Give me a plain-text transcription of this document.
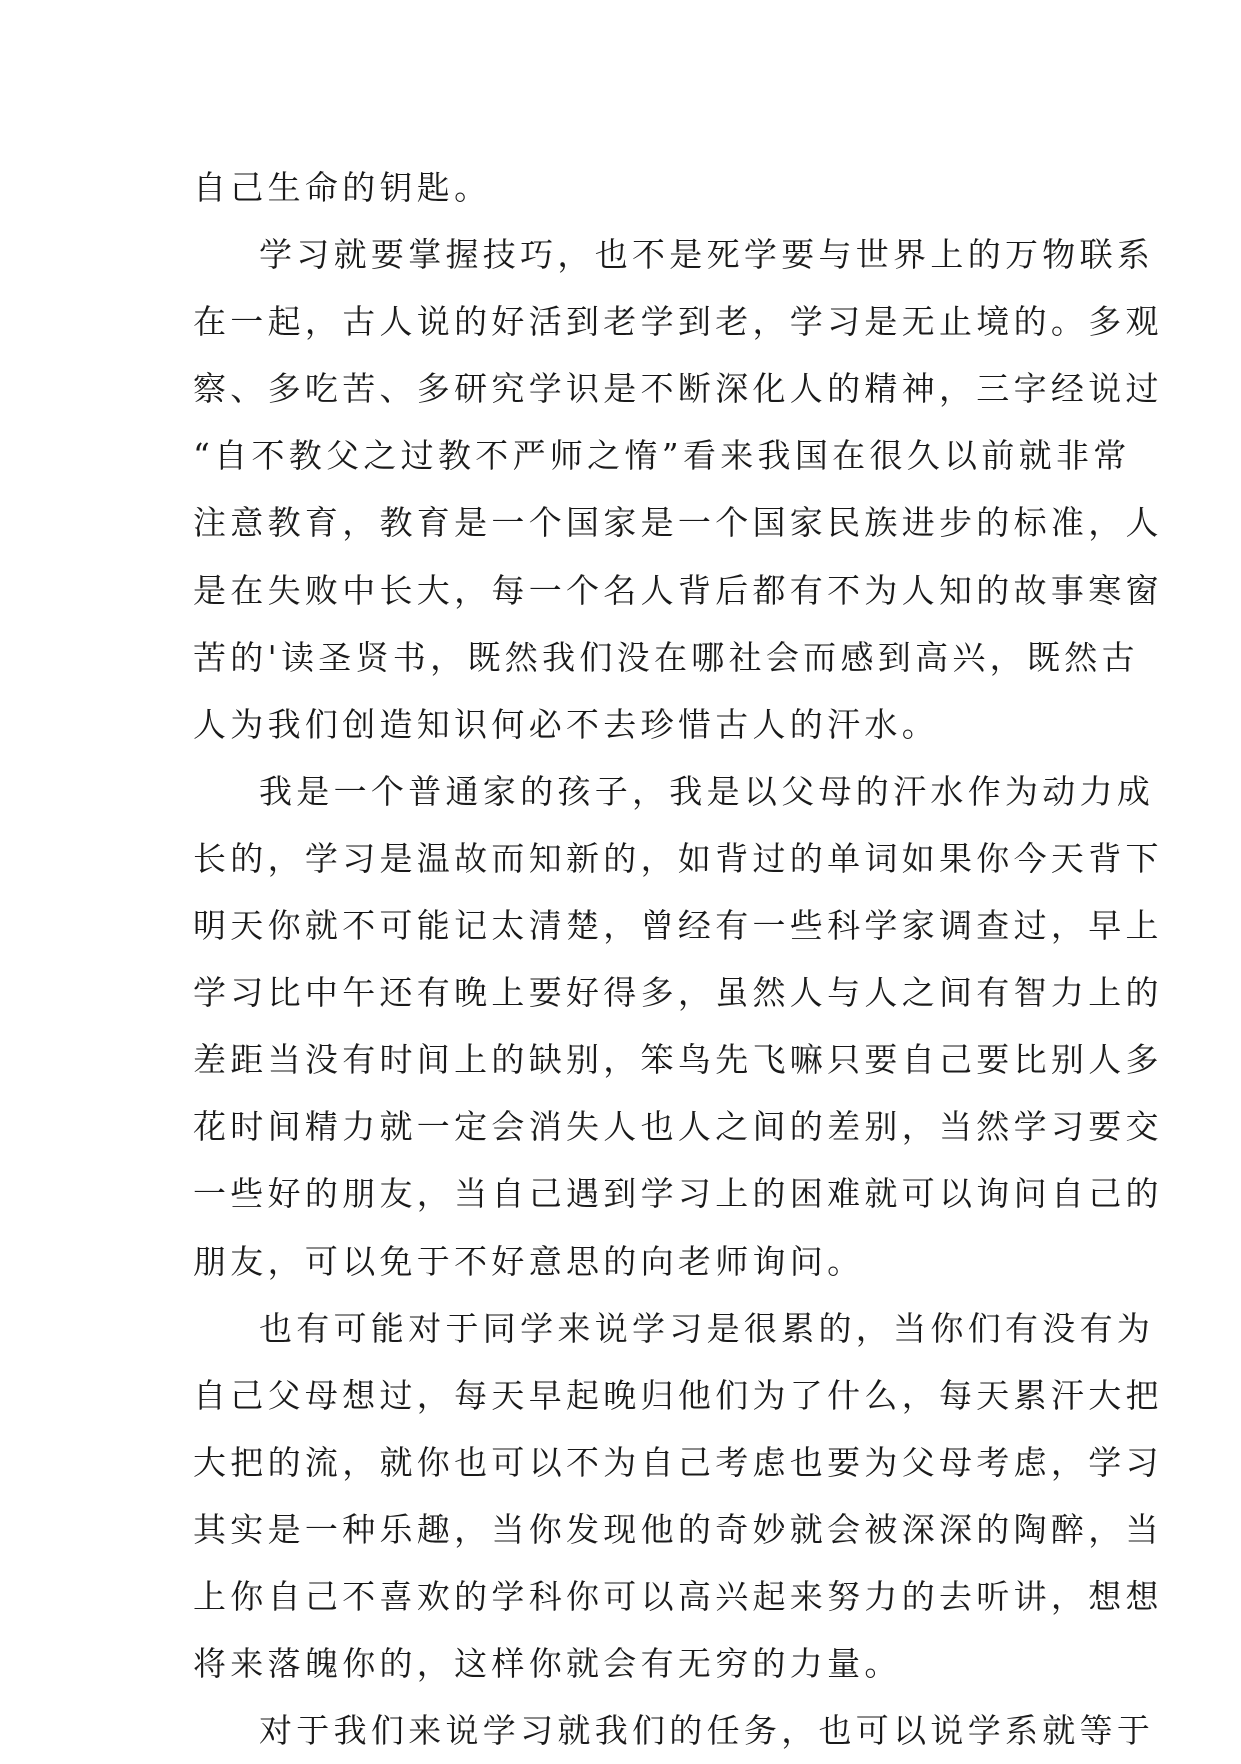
自己生命的钥匙。
学习就要掌握技巧，也不是死学要与世界上的万物联系
在一起，古人说的好活到老学到老，学习是无止境的。多观
察、多吃苦、多研究学识是不断深化人的精神，三字经说过
“自不教父之过教不严师之惰”看来我国在很久以前就非常
注意教育，教育是一个国家是一个国家民族进步的标准，人
是在失败中长大，每一个名人背后都有不为人知的故事寒窗
苦的'读圣贤书，既然我们没在哪社会而感到高兴，既然古
人为我们创造知识何必不去珍惜古人的汗水。
我是一个普通家的孩子，我是以父母的汗水作为动力成
长的，学习是温故而知新的，如背过的单词如果你今天背下
明天你就不可能记太清楚，曾经有一些科学家调查过，早上
学习比中午还有晚上要好得多，虽然人与人之间有智力上的
差距当没有时间上的缺别，笨鸟先飞嘛只要自己要比别人多
花时间精力就一定会消失人也人之间的差别，当然学习要交
一些好的朋友，当自己遇到学习上的困难就可以询问自己的
朋友，可以免于不好意思的向老师询问。
也有可能对于同学来说学习是很累的，当你们有没有为
自己父母想过，每天早起晚归他们为了什么，每天累汗大把
大把的流，就你也可以不为自己考虑也要为父母考虑，学习
其实是一种乐趣，当你发现他的奇妙就会被深深的陶醉，当
上你自己不喜欢的学科你可以高兴起来努力的去听讲，想想
将来落魄你的，这样你就会有无穷的力量。
对于我们来说学习就我们的任务，也可以说学系就等于
